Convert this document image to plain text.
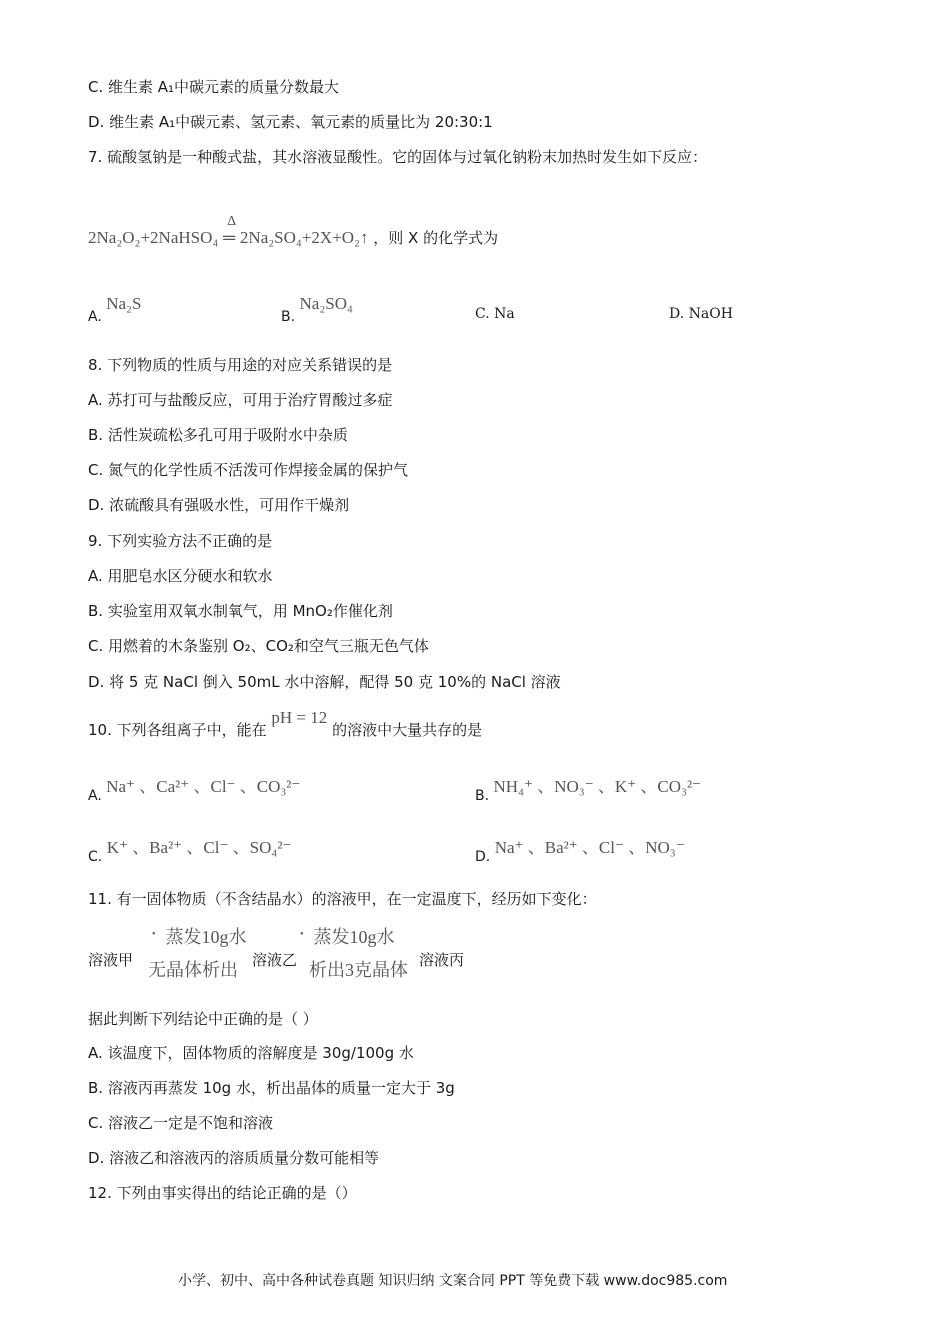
C. 维生素 A₁中碳元素的质量分数最大
D. 维生素 A₁中碳元素、氢元素、氧元素的质量比为 20:30:1
7. 硫酸氢钠是一种酸式盐，其水溶液显酸性。它的固体与过氧化钠粉末加热时发生如下反应：
2Na₂O₂+2NaHSO₄
Δ
═ 2Na₂SO₄+2X+O₂↑ ，则 X 的化学式为
A. Na₂S
B. Na₂SO₄
C. Na	D. NaOH
8. 下列物质的性质与用途的对应关系错误的是
A. 苏打可与盐酸反应，可用于治疗胃酸过多症
B. 活性炭疏松多孔可用于吸附水中杂质
C. 氮气的化学性质不活泼可作焊接金属的保护气
D. 浓硫酸具有强吸水性，可用作干燥剂
9. 下列实验方法不正确的是
A. 用肥皂水区分硬水和软水
B. 实验室用双氧水制氧气，用 MnO₂作催化剂
C. 用燃着的木条鉴别 O₂、CO₂和空气三瓶无色气体
D. 将 5 克 NaCl 倒入 50mL 水中溶解，配得 50 克 10%的 NaCl 溶液
10. 下列各组离子中，能在 pH = 12 的溶液中大量共存的是
A. Na⁺ 、Ca²⁺ 、Cl⁻ 、CO₃²⁻	B. NH₄⁺ 、NO₃⁻ 、K⁺ 、CO₃²⁻
C. K⁺ 、Ba²⁺ 、Cl⁻ 、SO₄²⁻	D. Na⁺ 、Ba²⁺ 、Cl⁻ 、NO₃⁻
11. 有一固体物质（不含结晶水）的溶液甲，在一定温度下，经历如下变化：
溶液甲
• 蒸发10g水
无晶体析出 溶液乙
• 蒸发10g水
析出3克晶体 溶液丙
据此判断下列结论中正确的是（ ）
A. 该温度下，固体物质的溶解度是 30g/100g 水
B. 溶液丙再蒸发 10g 水，析出晶体的质量一定大于 3g
C. 溶液乙一定是不饱和溶液
D. 溶液乙和溶液丙的溶质质量分数可能相等
12. 下列由事实得出的结论正确的是（）
小学、初中、高中各种试卷真题 知识归纳 文案合同 PPT 等免费下载 www.doc985.com
